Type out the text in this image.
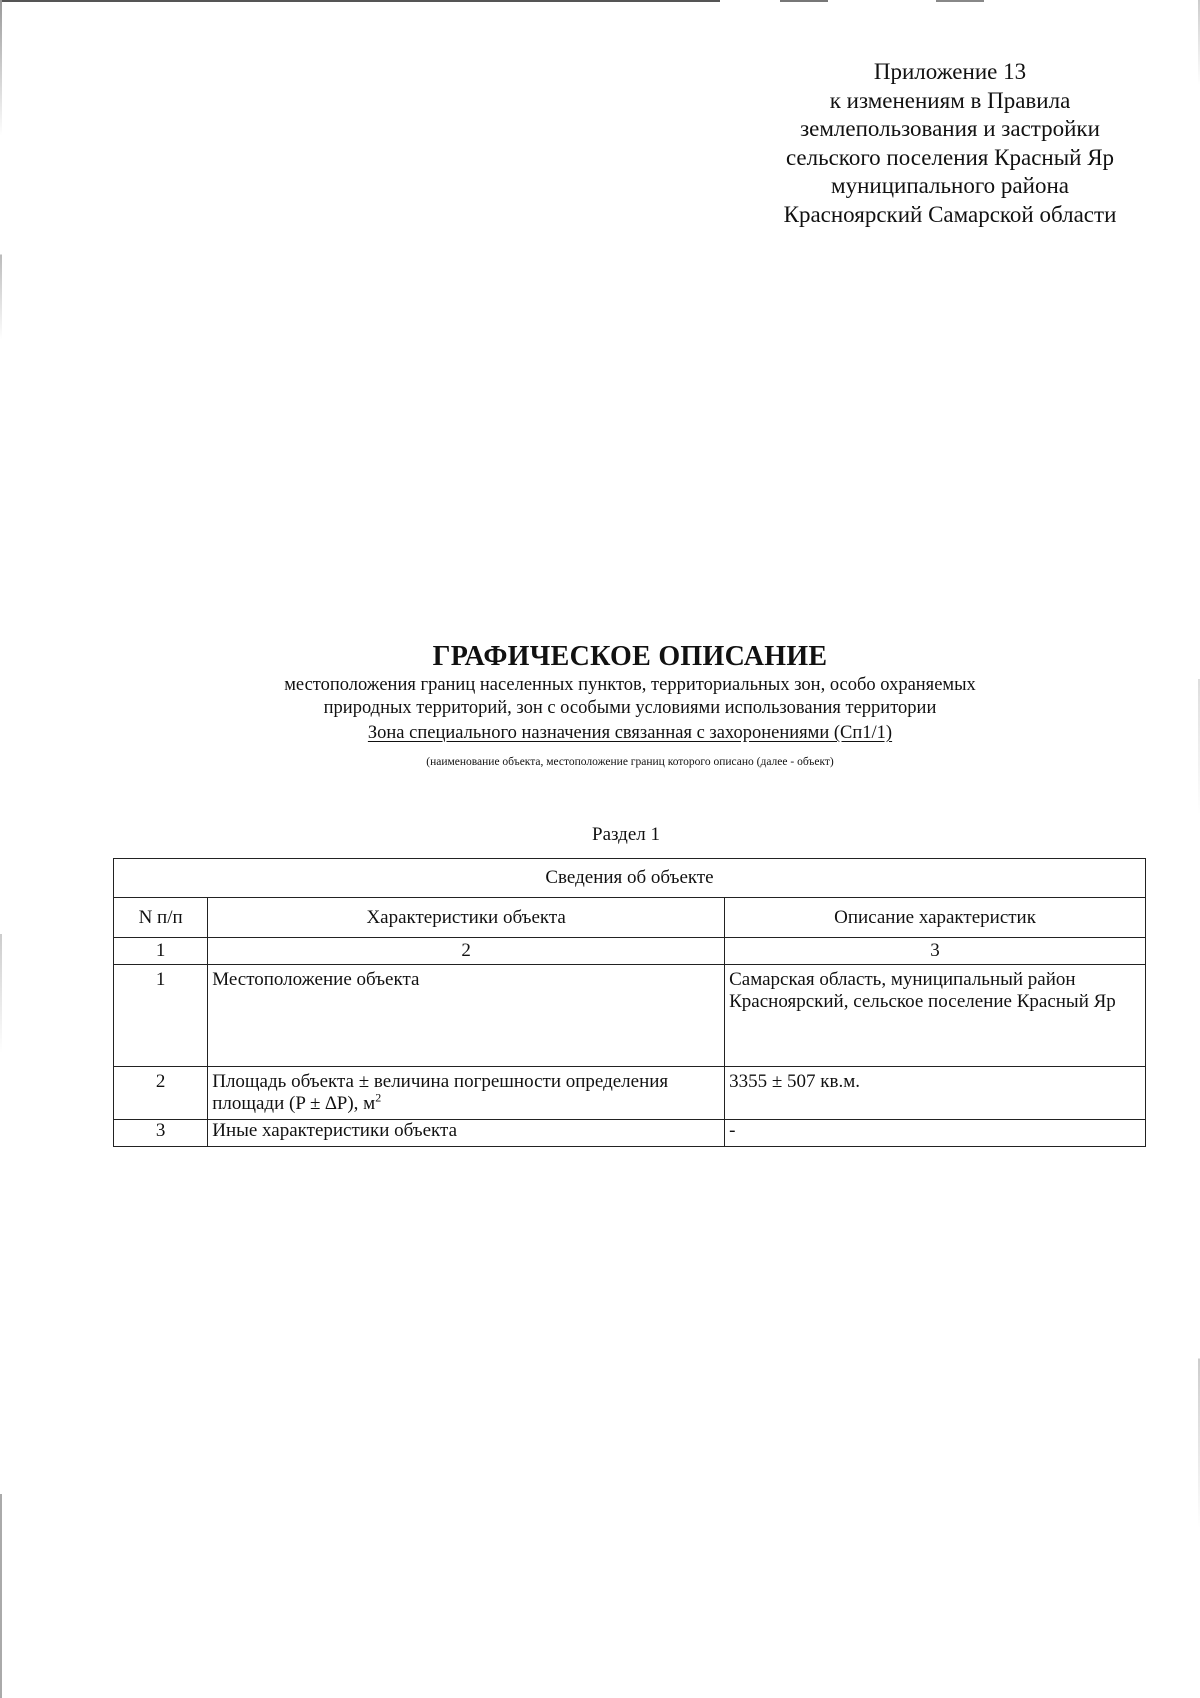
Приложение 13
к изменениям в Правила
землепользования и застройки
сельского поселения Красный Яр
муниципального района
Красноярский Самарской области
ГРАФИЧЕСКОЕ ОПИСАНИЕ
местоположения границ населенных пунктов, территориальных зон, особо охраняемых
природных территорий, зон с особыми условиями использования территории
Зона специального назначения связанная с захоронениями (Сп1/1)
(наименование объекта, местоположение границ которого описано (далее - объект)
Раздел 1
Сведения об объекте		
N п/п	Характеристики объекта	Описание характеристик
1	2	3
1	Местоположение объекта	Самарская область, муниципальный район Красноярский, сельское поселение Красный Яр
2	Площадь объекта ± величина погрешности определения площади (P ± ∆P), $м^2$	3355 ± 507 кв.м.
3	Иные характеристики объекта	-
